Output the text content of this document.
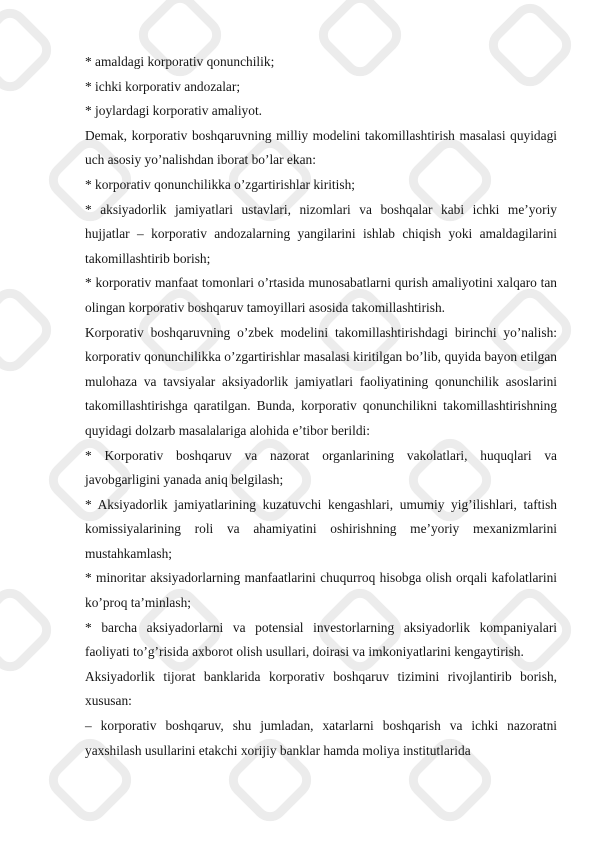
* amaldagi korporativ qonunchilik;

* ichki korporativ andozalar;

* joylardagi korporativ amaliyot.

Demak, korporativ boshqaruvning milliy modelini takomillashtirish masalasi quyidagi uch asosiy yo’nalishdan iborat bo’lar ekan:

* korporativ qonunchilikka o’zgartirishlar kiritish;

* aksiyadorlik jamiyatlari ustavlari, nizomlari va boshqalar kabi ichki me’yoriy hujjatlar – korporativ andozalarning yangilarini ishlab chiqish yoki amaldagilarini takomillashtirib borish;

* korporativ manfaat tomonlari o’rtasida munosabatlarni qurish amaliyotini xalqaro tan olingan korporativ boshqaruv tamoyillari asosida takomillashtirish.

Korporativ boshqaruvning o’zbek modelini takomillashtirishdagi birinchi yo’nalish: korporativ qonunchilikka o’zgartirishlar masalasi kiritilgan bo’lib, quyida bayon etilgan mulohaza va tavsiyalar aksiyadorlik jamiyatlari faoliyatining qonunchilik asoslarini takomillashtirishga qaratilgan. Bunda, korporativ qonunchilikni takomillashtirishning quyidagi dolzarb masalalariga alohida e’tibor berildi:

* Korporativ boshqaruv va nazorat organlarining vakolatlari, huquqlari va javobgarligini yanada aniq belgilash;

* Aksiyadorlik jamiyatlarining kuzatuvchi kengashlari, umumiy yig’ilishlari, taftish komissiyalarining roli va ahamiyatini oshirishning me’yoriy mexanizmlarini mustahkamlash;

* minoritar aksiyadorlarning manfaatlarini chuqurroq hisobga olish orqali kafolatlarini ko’proq ta’minlash;

* barcha aksiyadorlarni va potensial investorlarning aksiyadorlik kompaniyalari faoliyati to’g’risida axborot olish usullari, doirasi va imkoniyatlarini kengaytirish.

Aksiyadorlik tijorat banklarida korporativ boshqaruv tizimini rivojlantirib borish, xususan:

– korporativ boshqaruv, shu jumladan, xatarlarni boshqarish va ichki nazoratni yaxshilash usullarini etakchi xorijiy banklar hamda moliya institutlarida
